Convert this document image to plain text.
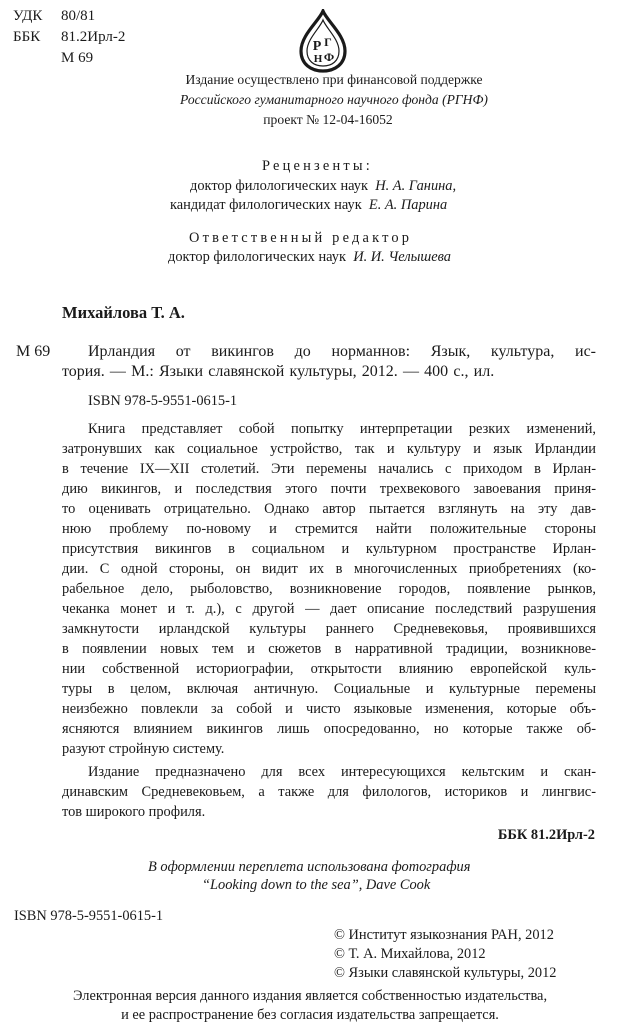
УДК	80/81
ББК	81.2Ирл-2
М 69
Р Г
Н Ф
Издание осуществлено при финансовой поддержке
Российского гуманитарного научного фонда (РГНФ)
проект № 12-04-16052
Рецензенты:
доктор филологических наук Н. А. Ганина,
кандидат филологических наук Е. А. Парина
Ответственный редактор
доктор филологических наук И. И. Челышева
Михайлова Т. А.
М 69 Ирландия от викингов до норманнов: Язык, культура, ис-
тория. — М.: Языки славянской культуры, 2012. — 400 с., ил.
ISBN 978-5-9551-0615-1
Книга представляет собой попытку интерпретации резких изменений,
затронувших как социальное устройство, так и культуру и язык Ирландии
в течение IX—XII столетий. Эти перемены начались с приходом в Ирлан-
дию викингов, и последствия этого почти трехвекового завоевания приня-
то оценивать отрицательно. Однако автор пытается взглянуть на эту дав-
нюю проблему по-новому и стремится найти положительные стороны
присутствия викингов в социальном и культурном пространстве Ирлан-
дии. С одной стороны, он видит их в многочисленных приобретениях (ко-
рабельное дело, рыболовство, возникновение городов, появление рынков,
чеканка монет и т. д.), с другой — дает описание последствий разрушения
замкнутости ирландской культуры раннего Средневековья, проявившихся
в появлении новых тем и сюжетов в нарративной традиции, возникнове-
нии собственной историографии, открытости влиянию европейской куль-
туры в целом, включая античную. Социальные и культурные перемены
неизбежно повлекли за собой и чисто языковые изменения, которые объ-
ясняются влиянием викингов лишь опосредованно, но которые также об-
разуют стройную систему.
Издание предназначено для всех интересующихся кельтским и скан-
динавским Средневековьем, а также для филологов, историков и лингвис-
тов широкого профиля.
ББК 81.2Ирл-2
В оформлении переплета использована фотография
“Looking down to the sea”, Dave Cook
ISBN 978-5-9551-0615-1
© Институт языкознания РАН, 2012
© Т. А. Михайлова, 2012
© Языки славянской культуры, 2012
Электронная версия данного издания является собственностью издательства,
и ее распространение без согласия издательства запрещается.
